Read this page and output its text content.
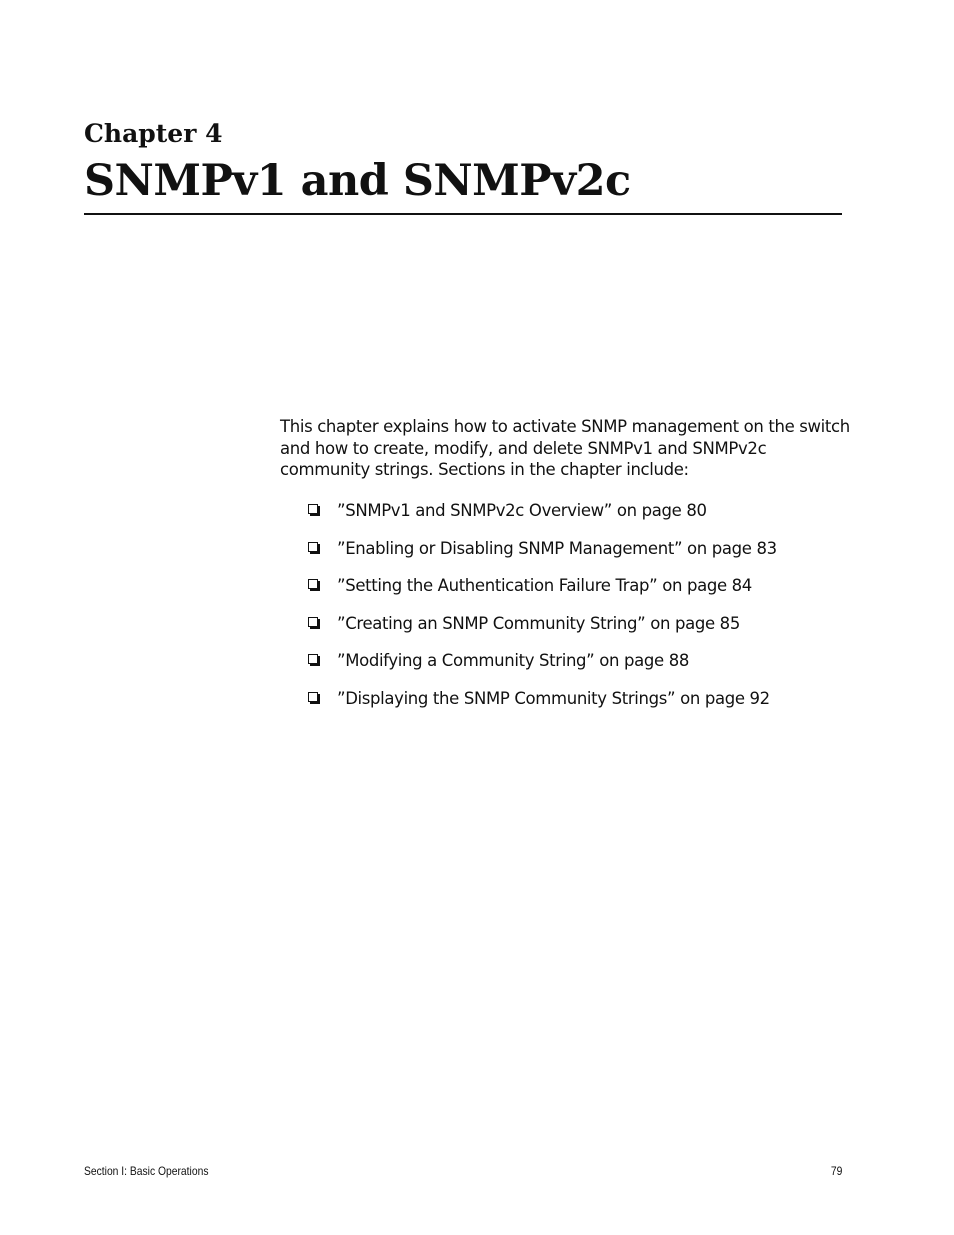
Chapter 4
SNMPv1 and SNMPv2c

This chapter explains how to activate SNMP management on the switch and how to create, modify, and delete SNMPv1 and SNMPv2c community strings. Sections in the chapter include:

”SNMPv1 and SNMPv2c Overview” on page 80
”Enabling or Disabling SNMP Management” on page 83
”Setting the Authentication Failure Trap” on page 84
”Creating an SNMP Community String” on page 85
”Modifying a Community String” on page 88
”Displaying the SNMP Community Strings” on page 92
Section I: Basic Operations	79
